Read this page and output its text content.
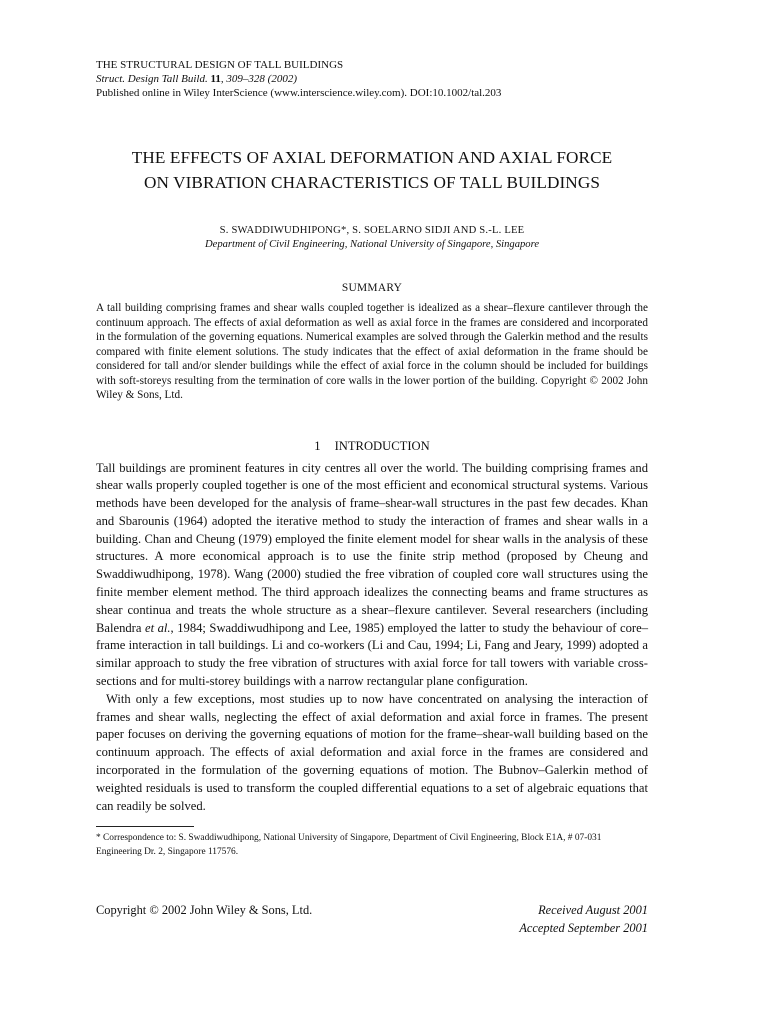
THE STRUCTURAL DESIGN OF TALL BUILDINGS
Struct. Design Tall Build. 11, 309–328 (2002)
Published online in Wiley InterScience (www.interscience.wiley.com). DOI:10.1002/tal.203
THE EFFECTS OF AXIAL DEFORMATION AND AXIAL FORCE
ON VIBRATION CHARACTERISTICS OF TALL BUILDINGS
S. SWADDIWUDHIPONG*, S. SOELARNO SIDJI AND S.-L. LEE
Department of Civil Engineering, National University of Singapore, Singapore
SUMMARY
A tall building comprising frames and shear walls coupled together is idealized as a shear–flexure cantilever through the continuum approach. The effects of axial deformation as well as axial force in the frames are considered and incorporated in the formulation of the governing equations. Numerical examples are solved through the Galerkin method and the results compared with finite element solutions. The study indicates that the effect of axial deformation in the frame should be considered for tall and/or slender buildings while the effect of axial force in the column should be included for buildings with soft-storeys resulting from the termination of core walls in the lower portion of the building. Copyright © 2002 John Wiley & Sons, Ltd.
1 INTRODUCTION

Tall buildings are prominent features in city centres all over the world. The building comprising frames and shear walls properly coupled together is one of the most efficient and economical structural systems. Various methods have been developed for the analysis of frame–shear-wall structures in the past few decades. Khan and Sbarounis (1964) adopted the iterative method to study the interaction of frames and shear walls in a building. Chan and Cheung (1979) employed the finite element model for shear walls in the analysis of these structures. A more economical approach is to use the finite strip method (proposed by Cheung and Swaddiwudhipong, 1978). Wang (2000) studied the free vibration of coupled core wall structures using the finite member element method. The third approach idealizes the connecting beams and frame structures as shear continua and treats the whole structure as a shear–flexure cantilever. Several researchers (including Balendra et al., 1984; Swaddiwudhipong and Lee, 1985) employed the latter to study the behaviour of core–frame interaction in tall buildings. Li and co-workers (Li and Cau, 1994; Li, Fang and Jeary, 1999) adopted a similar approach to study the free vibration of structures with axial force for tall towers with variable cross-sections and for multi-storey buildings with a narrow rectangular plane configuration.

With only a few exceptions, most studies up to now have concentrated on analysing the interaction of frames and shear walls, neglecting the effect of axial deformation and axial force in frames. The present paper focuses on deriving the governing equations of motion for the frame–shear-wall building based on the continuum approach. The effects of axial deformation and axial force in the frames are considered and incorporated in the formulation of the governing equations of motion. The Bubnov–Galerkin method of weighted residuals is used to transform the coupled differential equations to a set of algebraic equations that can readily be solved.

* Correspondence to: S. Swaddiwudhipong, National University of Singapore, Department of Civil Engineering, Block E1A, # 07-031 Engineering Dr. 2, Singapore 117576.
Copyright © 2002 John Wiley & Sons, Ltd.	Received August 2001
Accepted September 2001
